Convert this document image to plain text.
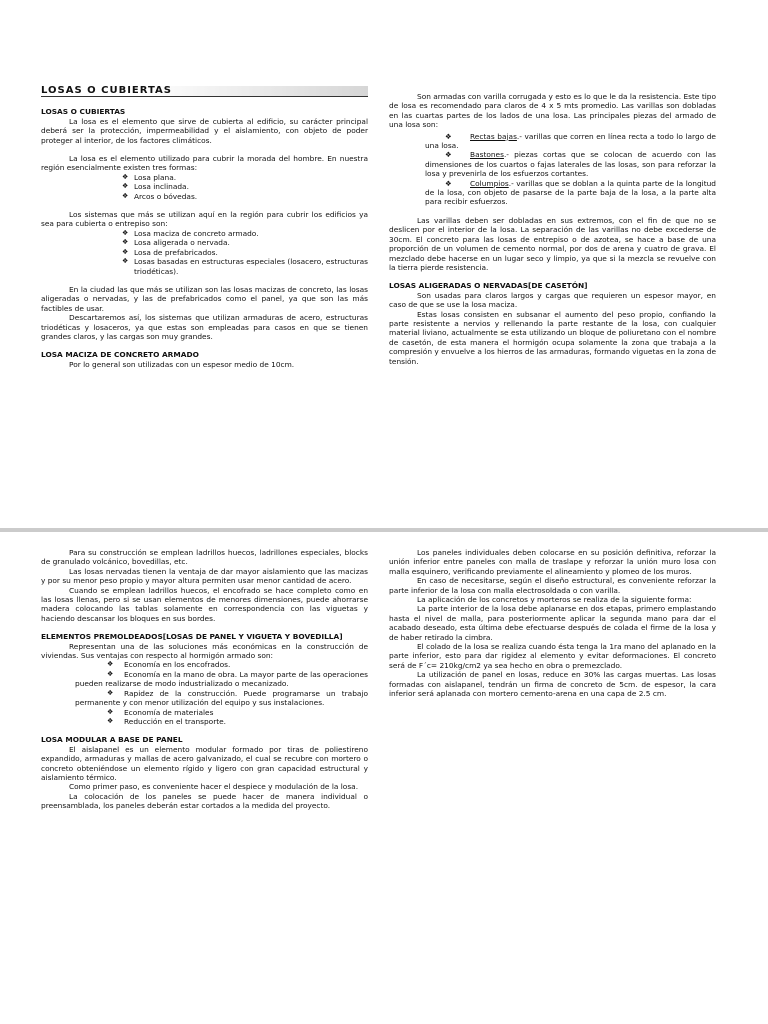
LOSAS O CUBIERTAS

LOSAS O CUBIERTAS

La losa es el elemento que sirve de cubierta al edificio, su carácter principal deberá ser la protección, impermeabilidad y el aislamiento, con objeto de poder proteger al interior, de los factores climáticos.

La losa es el elemento utilizado para cubrir la morada del hombre. En nuestra región esencialmente existen tres formas:

❖ Losa plana.

❖ Losa inclinada.

❖ Arcos o bóvedas.

Los sistemas que más se utilizan aquí en la región para cubrir los edificios ya sea para cubierta o entrepiso son:

❖ Losa maciza de concreto armado.

❖ Losa aligerada o nervada.

❖ Losa de prefabricados.

❖ Losas basadas en estructuras especiales (losacero, estructuras triodéticas).

En la ciudad las que más se utilizan son las losas macizas de concreto, las losas aligeradas o nervadas, y las de prefabricados como el panel, ya que son las más factibles de usar.

Descartaremos así, los sistemas que utilizan armaduras de acero, estructuras triodéticas y losaceros, ya que estas son empleadas para casos en que se tienen grandes claros, y las cargas son muy grandes.

LOSA MACIZA DE CONCRETO ARMADO

Por lo general son utilizadas con un espesor medio de 10cm.

Son armadas con varilla corrugada y esto es lo que le da la resistencia. Este tipo de losa es recomendado para claros de 4 x 5 mts promedio. Las varillas son dobladas en las cuartas partes de los lados de una losa. Las principales piezas del armado de una losa son:

❖ Rectas bajas.- varillas que corren en línea recta a todo lo largo de una losa.

❖ Bastones.- piezas cortas que se colocan de acuerdo con las dimensiones de los cuartos o fajas laterales de las losas, son para reforzar la losa y prevenirla de los esfuerzos cortantes.

❖ Columpios.- varillas que se doblan a la quinta parte de la longitud de la losa, con objeto de pasarse de la parte baja de la losa, a la parte alta para recibir esfuerzos.

Las varillas deben ser dobladas en sus extremos, con el fin de que no se deslicen por el interior de la losa. La separación de las varillas no debe excederse de 30cm. El concreto para las losas de entrepiso o de azotea, se hace a base de una proporción de un volumen de cemento normal, por dos de arena y cuatro de grava. El mezclado debe hacerse en un lugar seco y limpio, ya que si la mezcla se revuelve con la tierra pierde resistencia.

LOSAS ALIGERADAS O NERVADAS[DE CASETÓN]

Son usadas para claros largos y cargas que requieren un espesor mayor, en caso de que se use la losa maciza.

Estas losas consisten en subsanar el aumento del peso propio, confiando la parte resistente a nervios y rellenando la parte restante de la losa, con cualquier material liviano, actualmente se esta utilizando un bloque de poliuretano con el nombre de casetón, de esta manera el hormigón ocupa solamente la zona que trabaja a la compresión y envuelve a los hierros de las armaduras, formando viguetas en la zona de tensión.

Para su construcción se emplean ladrillos huecos, ladrillones especiales, blocks de granulado volcánico, bovedillas, etc.

Las losas nervadas tienen la ventaja de dar mayor aislamiento que las macizas y por su menor peso propio y mayor altura permiten usar menor cantidad de acero.

Cuando se emplean ladrillos huecos, el encofrado se hace completo como en las losas llenas, pero si se usan elementos de menores dimensiones, puede ahorrarse madera colocando las tablas solamente en correspondencia con las viguetas y haciendo descansar los bloques en sus bordes.

ELEMENTOS PREMOLDEADOS[LOSAS DE PANEL Y VIGUETA Y BOVEDILLA]

Representan una de las soluciones más económicas en la construcción de viviendas. Sus ventajas con respecto al hormigón armado son:

❖ Economía en los encofrados.

❖	Economía en la mano de obra. La mayor parte de las operaciones pueden realizarse de modo industrializado o mecanizado.

❖	Rapidez de la construcción. Puede programarse un trabajo permanente y con menor utilización del equipo y sus instalaciones.

❖ Economía de materiales

❖ Reducción en el transporte.

LOSA MODULAR A BASE DE PANEL

El aislapanel es un elemento modular formado por tiras de poliestireno expandido, armaduras y mallas de acero galvanizado, el cual se recubre con mortero o concreto obteniéndose un elemento rígido y ligero con gran capacidad estructural y aislamiento térmico.

Como primer paso, es conveniente hacer el despiece y modulación de la losa.

La colocación de los paneles se puede hacer de manera individual o preensamblada, los paneles deberán estar cortados a la medida del proyecto.

Los paneles individuales deben colocarse en su posición definitiva, reforzar la unión inferior entre paneles con malla de traslape y reforzar la unión muro losa con malla esquinero, verificando previamente el alineamiento y plomeo de los muros.

En caso de necesitarse, según el diseño estructural, es conveniente reforzar la parte inferior de la losa con malla electrosoldada o con varilla.

La aplicación de los concretos y morteros se realiza de la siguiente forma:

La parte interior de la losa debe aplanarse en dos etapas, primero emplastando hasta el nivel de malla, para posteriormente aplicar la segunda mano para dar el acabado deseado, esta última debe efectuarse después de colada el firme de la losa y de haber retirado la cimbra.

El colado de la losa se realiza cuando ésta tenga la 1ra mano del aplanado en la parte inferior, esto para dar rigidez al elemento y evitar deformaciones. El concreto será de F´c= 210kg/cm2 ya sea hecho en obra o premezclado.

La utilización de panel en losas, reduce en 30% las cargas muertas. Las losas formadas con aislapanel, tendrán un firma de concreto de 5cm. de espesor, la cara inferior será aplanada con mortero cemento-arena en una capa de 2.5 cm.
